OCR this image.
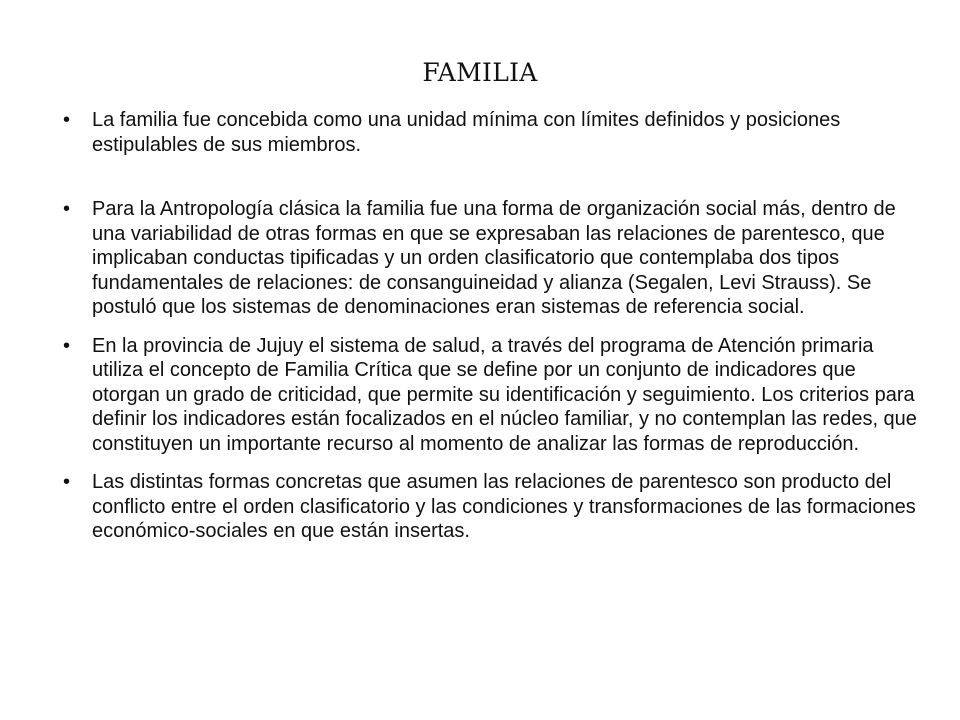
FAMILIA
•	La familia fue concebida como una unidad mínima con límites definidos y posiciones estipulables de sus miembros.
•	Para la Antropología clásica la familia fue una forma de organización social más, dentro de una variabilidad de otras formas en que se expresaban las relaciones de parentesco, que implicaban conductas tipificadas y un orden clasificatorio que contemplaba dos tipos fundamentales de relaciones: de consanguineidad y alianza (Segalen, Levi Strauss). Se postuló que los sistemas de denominaciones eran sistemas de referencia social.
•	En la provincia de Jujuy el sistema de salud, a través del programa de Atención primaria utiliza el concepto de Familia Crítica que se define por un conjunto de indicadores que otorgan un grado de criticidad, que permite su identificación y seguimiento. Los criterios para definir los indicadores están focalizados en el núcleo familiar, y no contemplan las redes, que constituyen un importante recurso al momento de analizar las formas de reproducción.
•	Las distintas formas concretas que asumen las relaciones de parentesco son producto del conflicto entre el orden clasificatorio y las condiciones y transformaciones de las formaciones económico-sociales en que están insertas.
